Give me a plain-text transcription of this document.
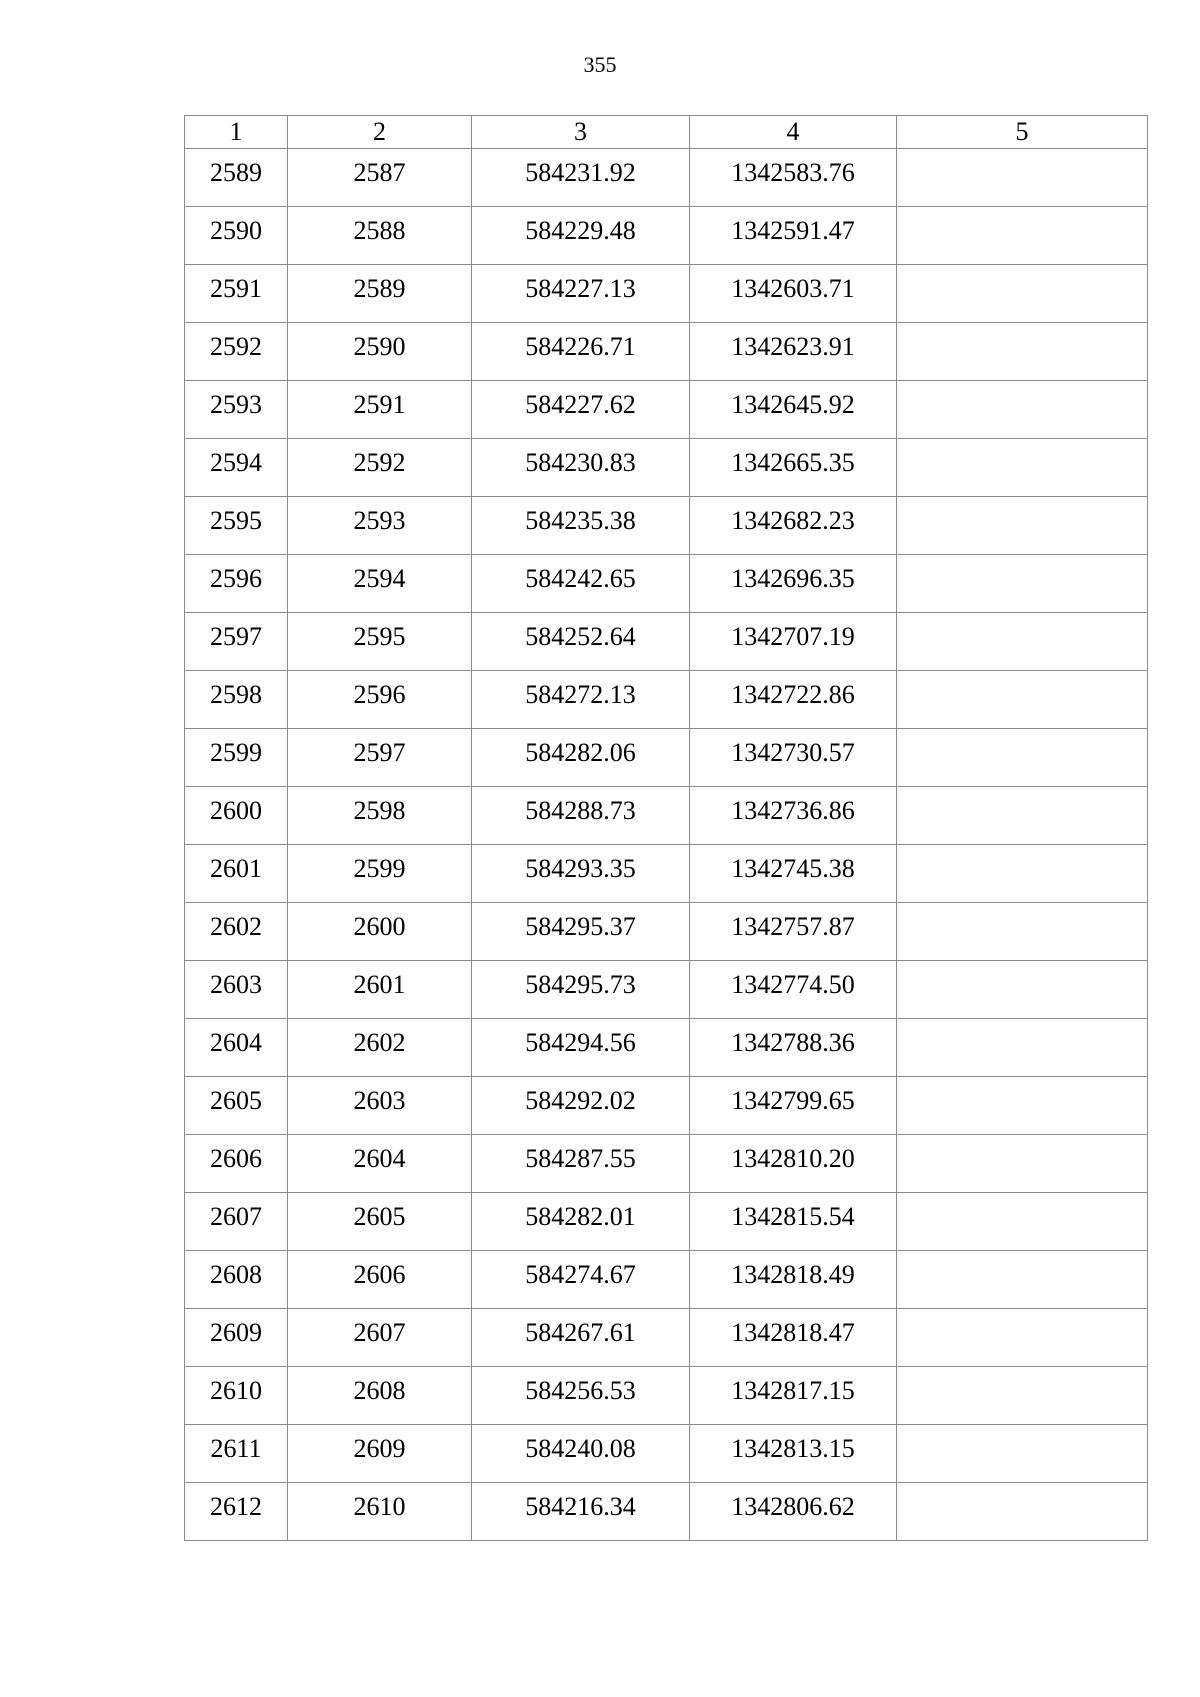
355
1	2	3	4	5
2589	2587	584231.92	1342583.76	
2590	2588	584229.48	1342591.47	
2591	2589	584227.13	1342603.71	
2592	2590	584226.71	1342623.91	
2593	2591	584227.62	1342645.92	
2594	2592	584230.83	1342665.35	
2595	2593	584235.38	1342682.23	
2596	2594	584242.65	1342696.35	
2597	2595	584252.64	1342707.19	
2598	2596	584272.13	1342722.86	
2599	2597	584282.06	1342730.57	
2600	2598	584288.73	1342736.86	
2601	2599	584293.35	1342745.38	
2602	2600	584295.37	1342757.87	
2603	2601	584295.73	1342774.50	
2604	2602	584294.56	1342788.36	
2605	2603	584292.02	1342799.65	
2606	2604	584287.55	1342810.20	
2607	2605	584282.01	1342815.54	
2608	2606	584274.67	1342818.49	
2609	2607	584267.61	1342818.47	
2610	2608	584256.53	1342817.15	
2611	2609	584240.08	1342813.15	
2612	2610	584216.34	1342806.62	
